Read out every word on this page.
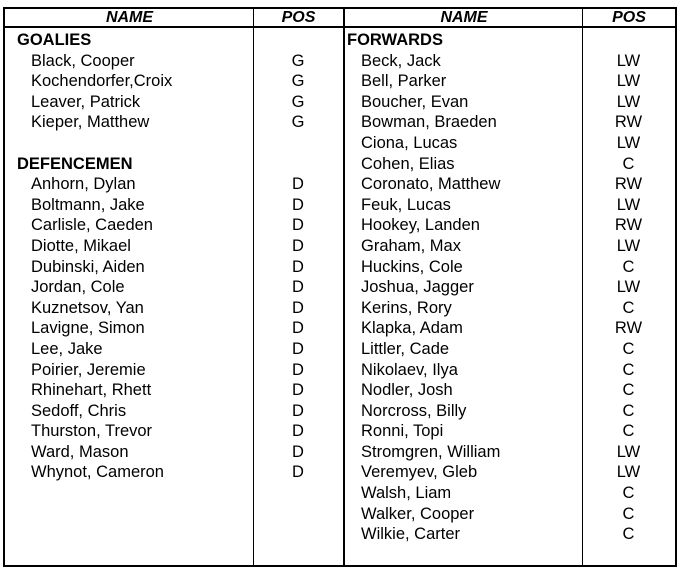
NAME	POS	NAME	POS
GOALIES
Black, Cooper	G
Kochendorfer,Croix	G
Leaver, Patrick	G
Kieper, Matthew	G
DEFENCEMEN
Anhorn, Dylan	D
Boltmann, Jake	D
Carlisle, Caeden	D
Diotte, Mikael	D
Dubinski, Aiden	D
Jordan, Cole	D
Kuznetsov, Yan	D
Lavigne, Simon	D
Lee, Jake	D
Poirier, Jeremie	D
Rhinehart, Rhett	D
Sedoff, Chris	D
Thurston, Trevor	D
Ward, Mason	D
Whynot, Cameron	D
FORWARDS
Beck, Jack	LW
Bell, Parker	LW
Boucher, Evan	LW
Bowman, Braeden	RW
Ciona, Lucas	LW
Cohen, Elias	C
Coronato, Matthew	RW
Feuk, Lucas	LW
Hookey, Landen	RW
Graham, Max	LW
Huckins, Cole	C
Joshua, Jagger	LW
Kerins, Rory	C
Klapka, Adam	RW
Littler, Cade	C
Nikolaev, Ilya	C
Nodler, Josh	C
Norcross, Billy	C
Ronni, Topi	C
Stromgren, William	LW
Veremyev, Gleb	LW
Walsh, Liam	C
Walker, Cooper	C
Wilkie, Carter	C
